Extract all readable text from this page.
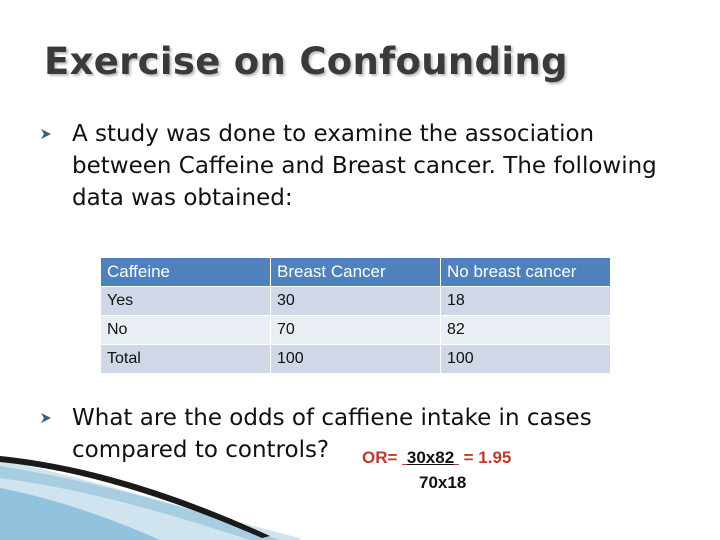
Exercise on Confounding
A study was done to examine the association between Caffeine and Breast cancer. The following data was obtained:
Caffeine	Breast Cancer	No breast cancer
Yes	30	18
No	70	82
Total	100	100
What are the odds of caffiene intake in cases compared to controls?	OR=  30x82 = 1.95
70x18
